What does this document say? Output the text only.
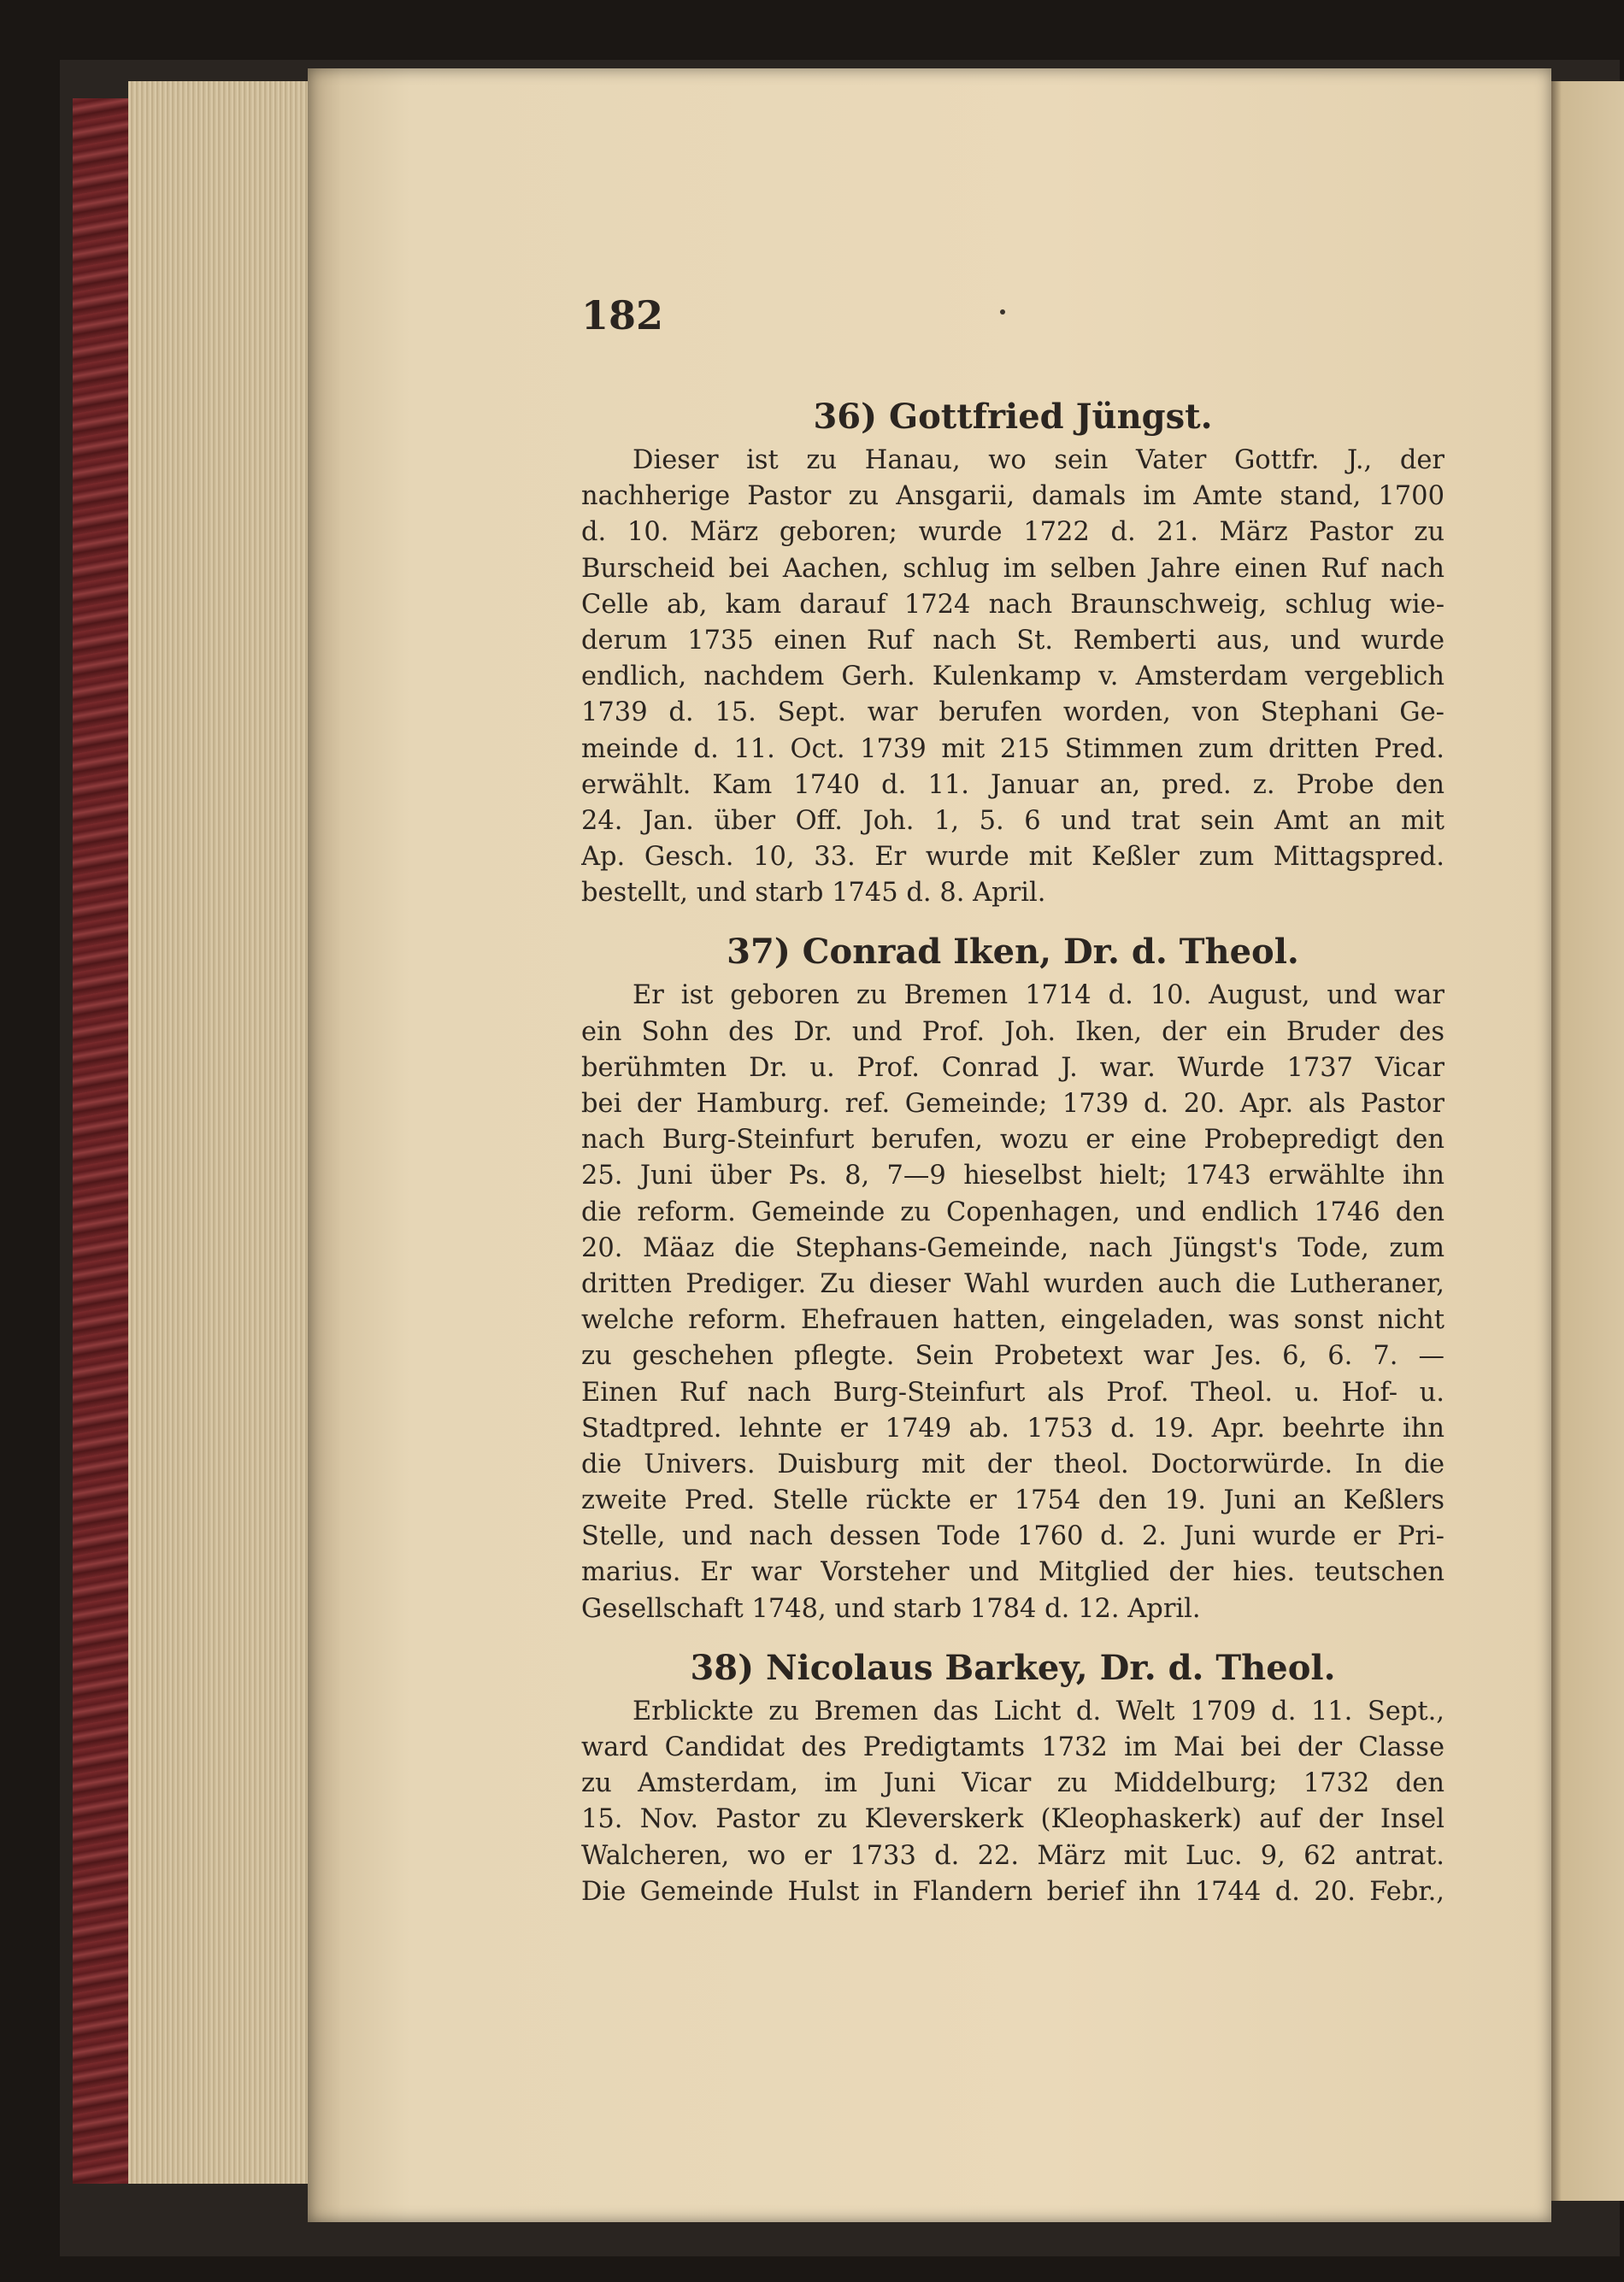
182
36) Gottfried Jüngst.
Dieser ist zu Hanau, wo sein Vater Gottfr. J., der
nachherige Pastor zu Ansgarii, damals im Amte stand, 1700
d. 10. März geboren; wurde 1722 d. 21. März Pastor zu
Burscheid bei Aachen, schlug im selben Jahre einen Ruf nach
Celle ab, kam darauf 1724 nach Braunschweig, schlug wie-
derum 1735 einen Ruf nach St. Remberti aus, und wurde
endlich, nachdem Gerh. Kulenkamp v. Amsterdam vergeblich
1739 d. 15. Sept. war berufen worden, von Stephani Ge-
meinde d. 11. Oct. 1739 mit 215 Stimmen zum dritten Pred.
erwählt. Kam 1740 d. 11. Januar an, pred. z. Probe den
24. Jan. über Off. Joh. 1, 5. 6 und trat sein Amt an mit
Ap. Gesch. 10, 33. Er wurde mit Keßler zum Mittagspred.
bestellt, und starb 1745 d. 8. April.
37) Conrad Iken, Dr. d. Theol.
Er ist geboren zu Bremen 1714 d. 10. August, und war
ein Sohn des Dr. und Prof. Joh. Iken, der ein Bruder des
berühmten Dr. u. Prof. Conrad J. war. Wurde 1737 Vicar
bei der Hamburg. ref. Gemeinde; 1739 d. 20. Apr. als Pastor
nach Burg-Steinfurt berufen, wozu er eine Probepredigt den
25. Juni über Ps. 8, 7—9 hieselbst hielt; 1743 erwählte ihn
die reform. Gemeinde zu Copenhagen, und endlich 1746 den
20. Mäaz die Stephans-Gemeinde, nach Jüngst's Tode, zum
dritten Prediger. Zu dieser Wahl wurden auch die Lutheraner,
welche reform. Ehefrauen hatten, eingeladen, was sonst nicht
zu geschehen pflegte. Sein Probetext war Jes. 6, 6. 7. —
Einen Ruf nach Burg-Steinfurt als Prof. Theol. u. Hof- u.
Stadtpred. lehnte er 1749 ab. 1753 d. 19. Apr. beehrte ihn
die Univers. Duisburg mit der theol. Doctorwürde. In die
zweite Pred. Stelle rückte er 1754 den 19. Juni an Keßlers
Stelle, und nach dessen Tode 1760 d. 2. Juni wurde er Pri-
marius. Er war Vorsteher und Mitglied der hies. teutschen
Gesellschaft 1748, und starb 1784 d. 12. April.
38) Nicolaus Barkey, Dr. d. Theol.
Erblickte zu Bremen das Licht d. Welt 1709 d. 11. Sept.,
ward Candidat des Predigtamts 1732 im Mai bei der Classe
zu Amsterdam, im Juni Vicar zu Middelburg; 1732 den
15. Nov. Pastor zu Kleverskerk (Kleophaskerk) auf der Insel
Walcheren, wo er 1733 d. 22. März mit Luc. 9, 62 antrat.
Die Gemeinde Hulst in Flandern berief ihn 1744 d. 20. Febr.,
